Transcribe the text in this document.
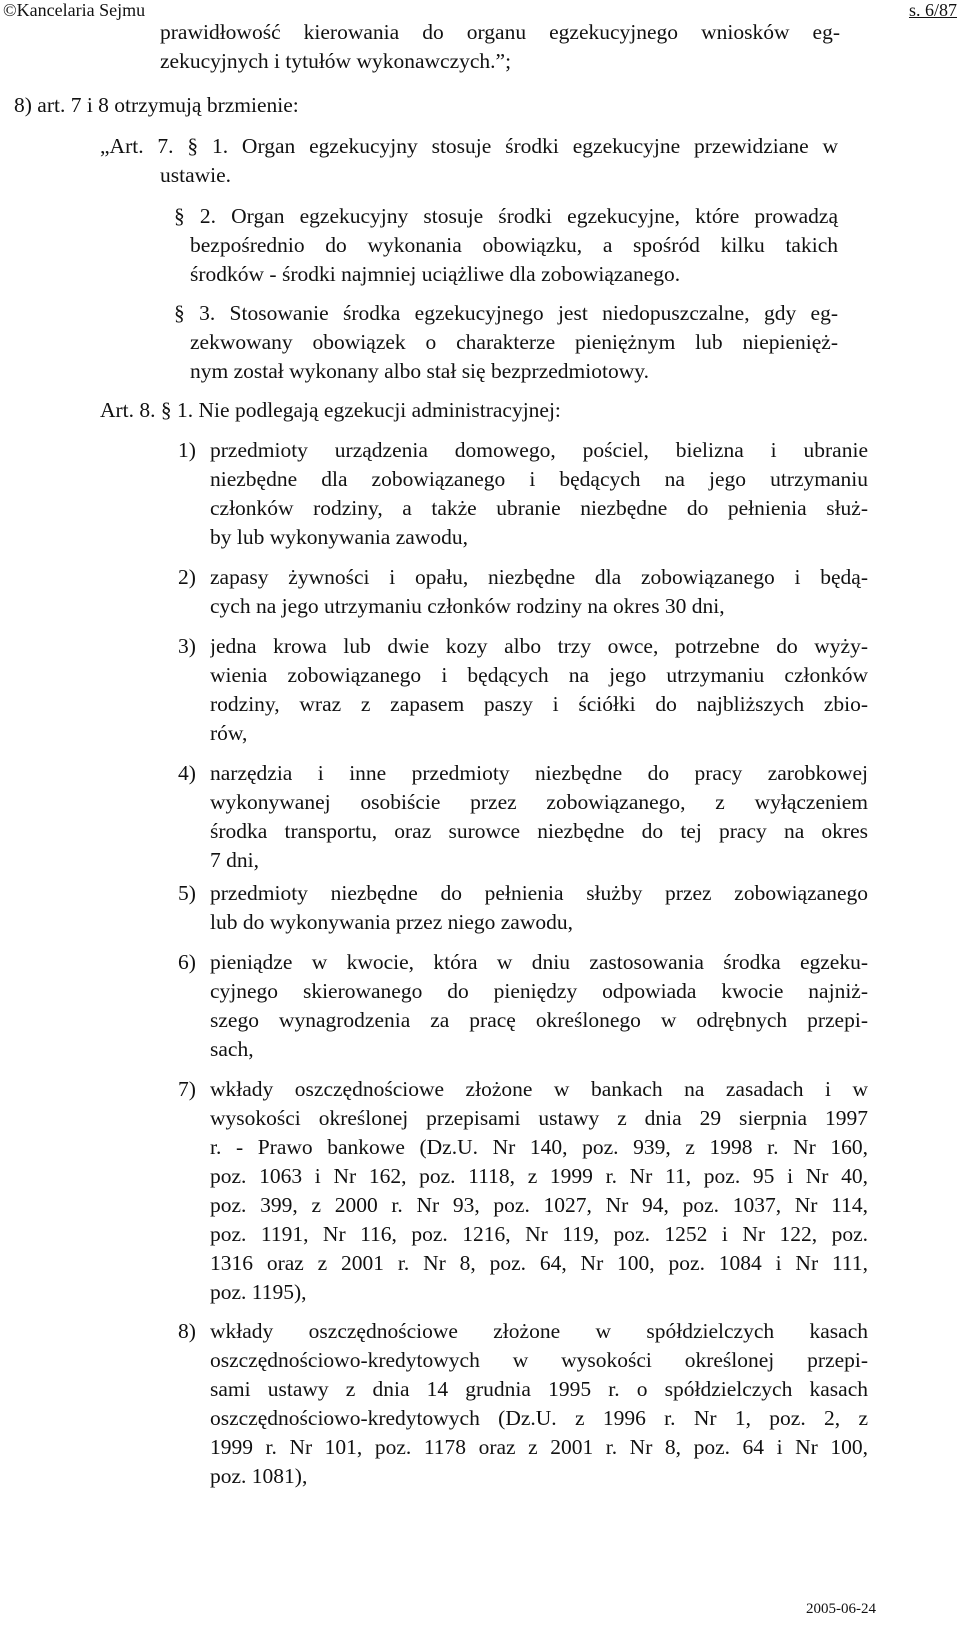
©Kancelaria Sejmu	s. 6/87
prawidłowość kierowania do organu egzekucyjnego wniosków eg-
zekucyjnych i tytułów wykonawczych.”;
8) art. 7 i 8 otrzymują brzmienie:
„Art. 7. § 1. Organ egzekucyjny stosuje środki egzekucyjne przewidziane w
ustawie.
§ 2. Organ egzekucyjny stosuje środki egzekucyjne, które prowadzą
bezpośrednio do wykonania obowiązku, a spośród kilku takich
środków - środki najmniej uciążliwe dla zobowiązanego.
§ 3. Stosowanie środka egzekucyjnego jest niedopuszczalne, gdy eg-
zekwowany obowiązek o charakterze pieniężnym lub niepienięż-
nym został wykonany albo stał się bezprzedmiotowy.
Art. 8. § 1. Nie podlegają egzekucji administracyjnej:
1) przedmioty urządzenia domowego, pościel, bielizna i ubranie
niezbędne dla zobowiązanego i będących na jego utrzymaniu
członków rodziny, a także ubranie niezbędne do pełnienia służ-
by lub wykonywania zawodu,
2) zapasy żywności i opału, niezbędne dla zobowiązanego i będą-
cych na jego utrzymaniu członków rodziny na okres 30 dni,
3) jedna krowa lub dwie kozy albo trzy owce, potrzebne do wyży-
wienia zobowiązanego i będących na jego utrzymaniu członków
rodziny, wraz z zapasem paszy i ściółki do najbliższych zbio-
rów,
4) narzędzia i inne przedmioty niezbędne do pracy zarobkowej
wykonywanej osobiście przez zobowiązanego, z wyłączeniem
środka transportu, oraz surowce niezbędne do tej pracy na okres
7 dni,
5) przedmioty niezbędne do pełnienia służby przez zobowiązanego
lub do wykonywania przez niego zawodu,
6) pieniądze w kwocie, która w dniu zastosowania środka egzeku-
cyjnego skierowanego do pieniędzy odpowiada kwocie najniż-
szego wynagrodzenia za pracę określonego w odrębnych przepi-
sach,
7) wkłady oszczędnościowe złożone w bankach na zasadach i w
wysokości określonej przepisami ustawy z dnia 29 sierpnia 1997
r. - Prawo bankowe (Dz.U. Nr 140, poz. 939, z 1998 r. Nr 160,
poz. 1063 i Nr 162, poz. 1118, z 1999 r. Nr 11, poz. 95 i Nr 40,
poz. 399, z 2000 r. Nr 93, poz. 1027, Nr 94, poz. 1037, Nr 114,
poz. 1191, Nr 116, poz. 1216, Nr 119, poz. 1252 i Nr 122, poz.
1316 oraz z 2001 r. Nr 8, poz. 64, Nr 100, poz. 1084 i Nr 111,
poz. 1195),
8) wkłady oszczędnościowe złożone w spółdzielczych kasach
oszczędnościowo-kredytowych w wysokości określonej przepi-
sami ustawy z dnia 14 grudnia 1995 r. o spółdzielczych kasach
oszczędnościowo-kredytowych (Dz.U. z 1996 r. Nr 1, poz. 2, z
1999 r. Nr 101, poz. 1178 oraz z 2001 r. Nr 8, poz. 64 i Nr 100,
poz. 1081),
2005-06-24
